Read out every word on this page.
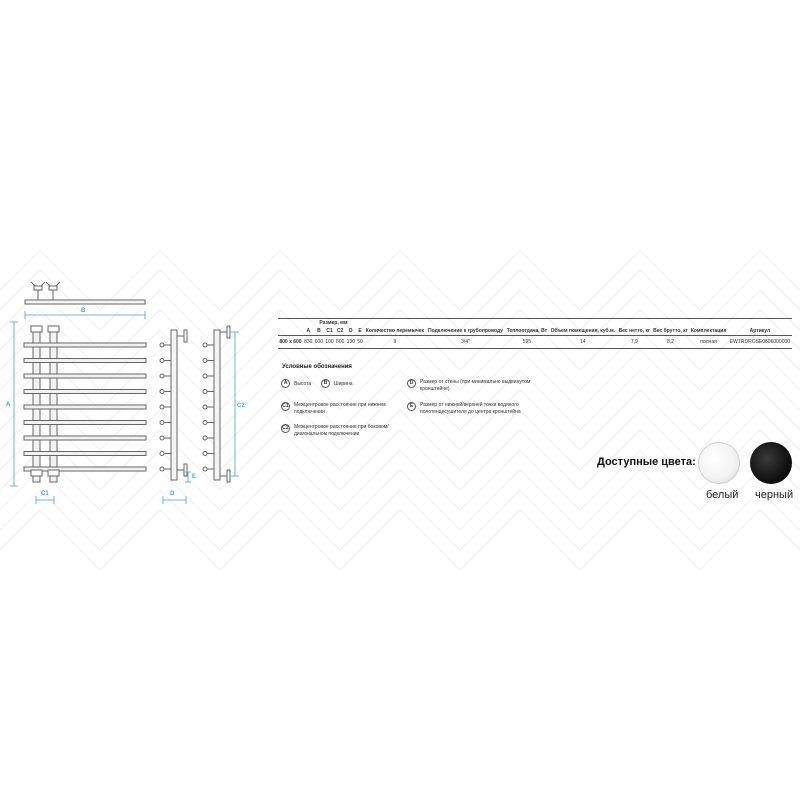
B
A
C1
C2
D
E
	Размер, мм						Количество перемычек	Подключение к трубопроводу	Теплоотдача, Вт	Объем помещения, куб.м.	Вес нетто, кг	Вес брутто, кг	Комплектация	Артикул
	A	B	C1	C2	D	E								
800 x 600	830	600	100	800	130	50	9	3/4"	595	14	7,9	8,2	полная	EWTRDROSE0806000000
Условные обозначения
A	Высота	B	Ширина
C1 Межцентровое расстояние при нижнем подключении
C2 Межцентровое расстояние при боковом/диагональном подключении
D	Размер от стены (при минимально выдвинутом кронштейне)
E	Размер от нижней/верхней точки водяного полотенцесушителя до центра кронштейна
Доступные цвета:
белый черный
